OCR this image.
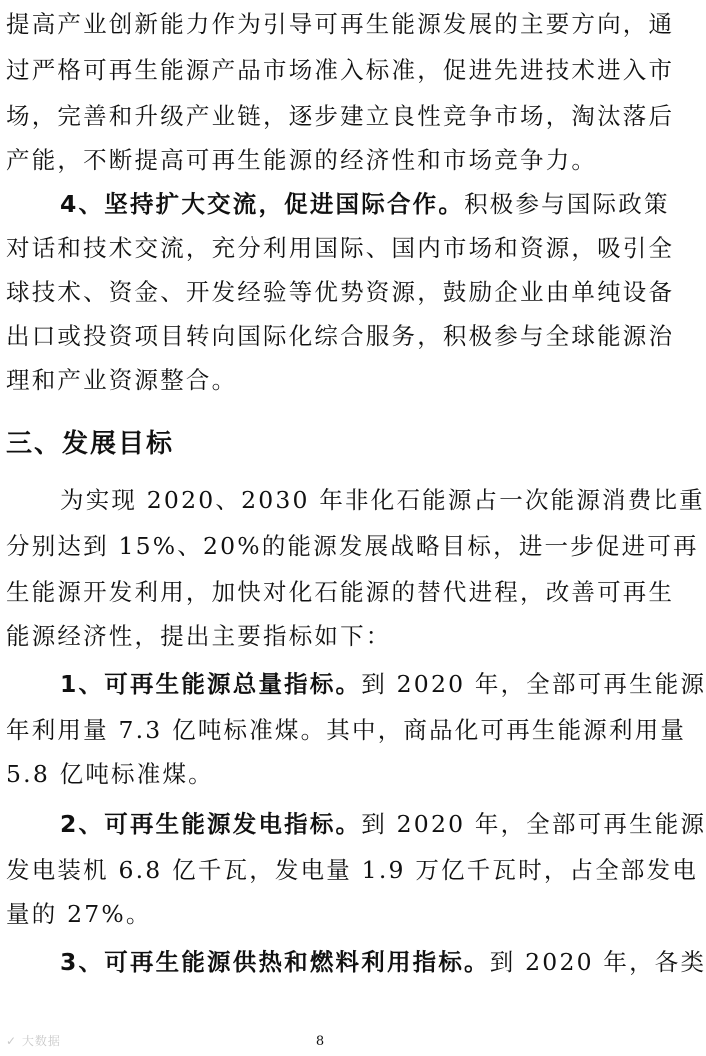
提高产业创新能力作为引导可再生能源发展的主要方向，通
过严格可再生能源产品市场准入标准，促进先进技术进入市
场，完善和升级产业链，逐步建立良性竞争市场，淘汰落后
产能，不断提高可再生能源的经济性和市场竞争力。
4、坚持扩大交流，促进国际合作。积极参与国际政策
对话和技术交流，充分利用国际、国内市场和资源，吸引全
球技术、资金、开发经验等优势资源，鼓励企业由单纯设备
出口或投资项目转向国际化综合服务，积极参与全球能源治
理和产业资源整合。
三、发展目标
为实现 2020、2030 年非化石能源占一次能源消费比重
分别达到 15%、20%的能源发展战略目标，进一步促进可再
生能源开发利用，加快对化石能源的替代进程，改善可再生
能源经济性，提出主要指标如下：
1、可再生能源总量指标。到 2020 年，全部可再生能源
年利用量 7.3 亿吨标准煤。其中，商品化可再生能源利用量
5.8 亿吨标准煤。
2、可再生能源发电指标。到 2020 年，全部可再生能源
发电装机 6.8 亿千瓦，发电量 1.9 万亿千瓦时，占全部发电
量的 27%。
3、可再生能源供热和燃料利用指标。到 2020 年，各类
✓ 大数据	8
